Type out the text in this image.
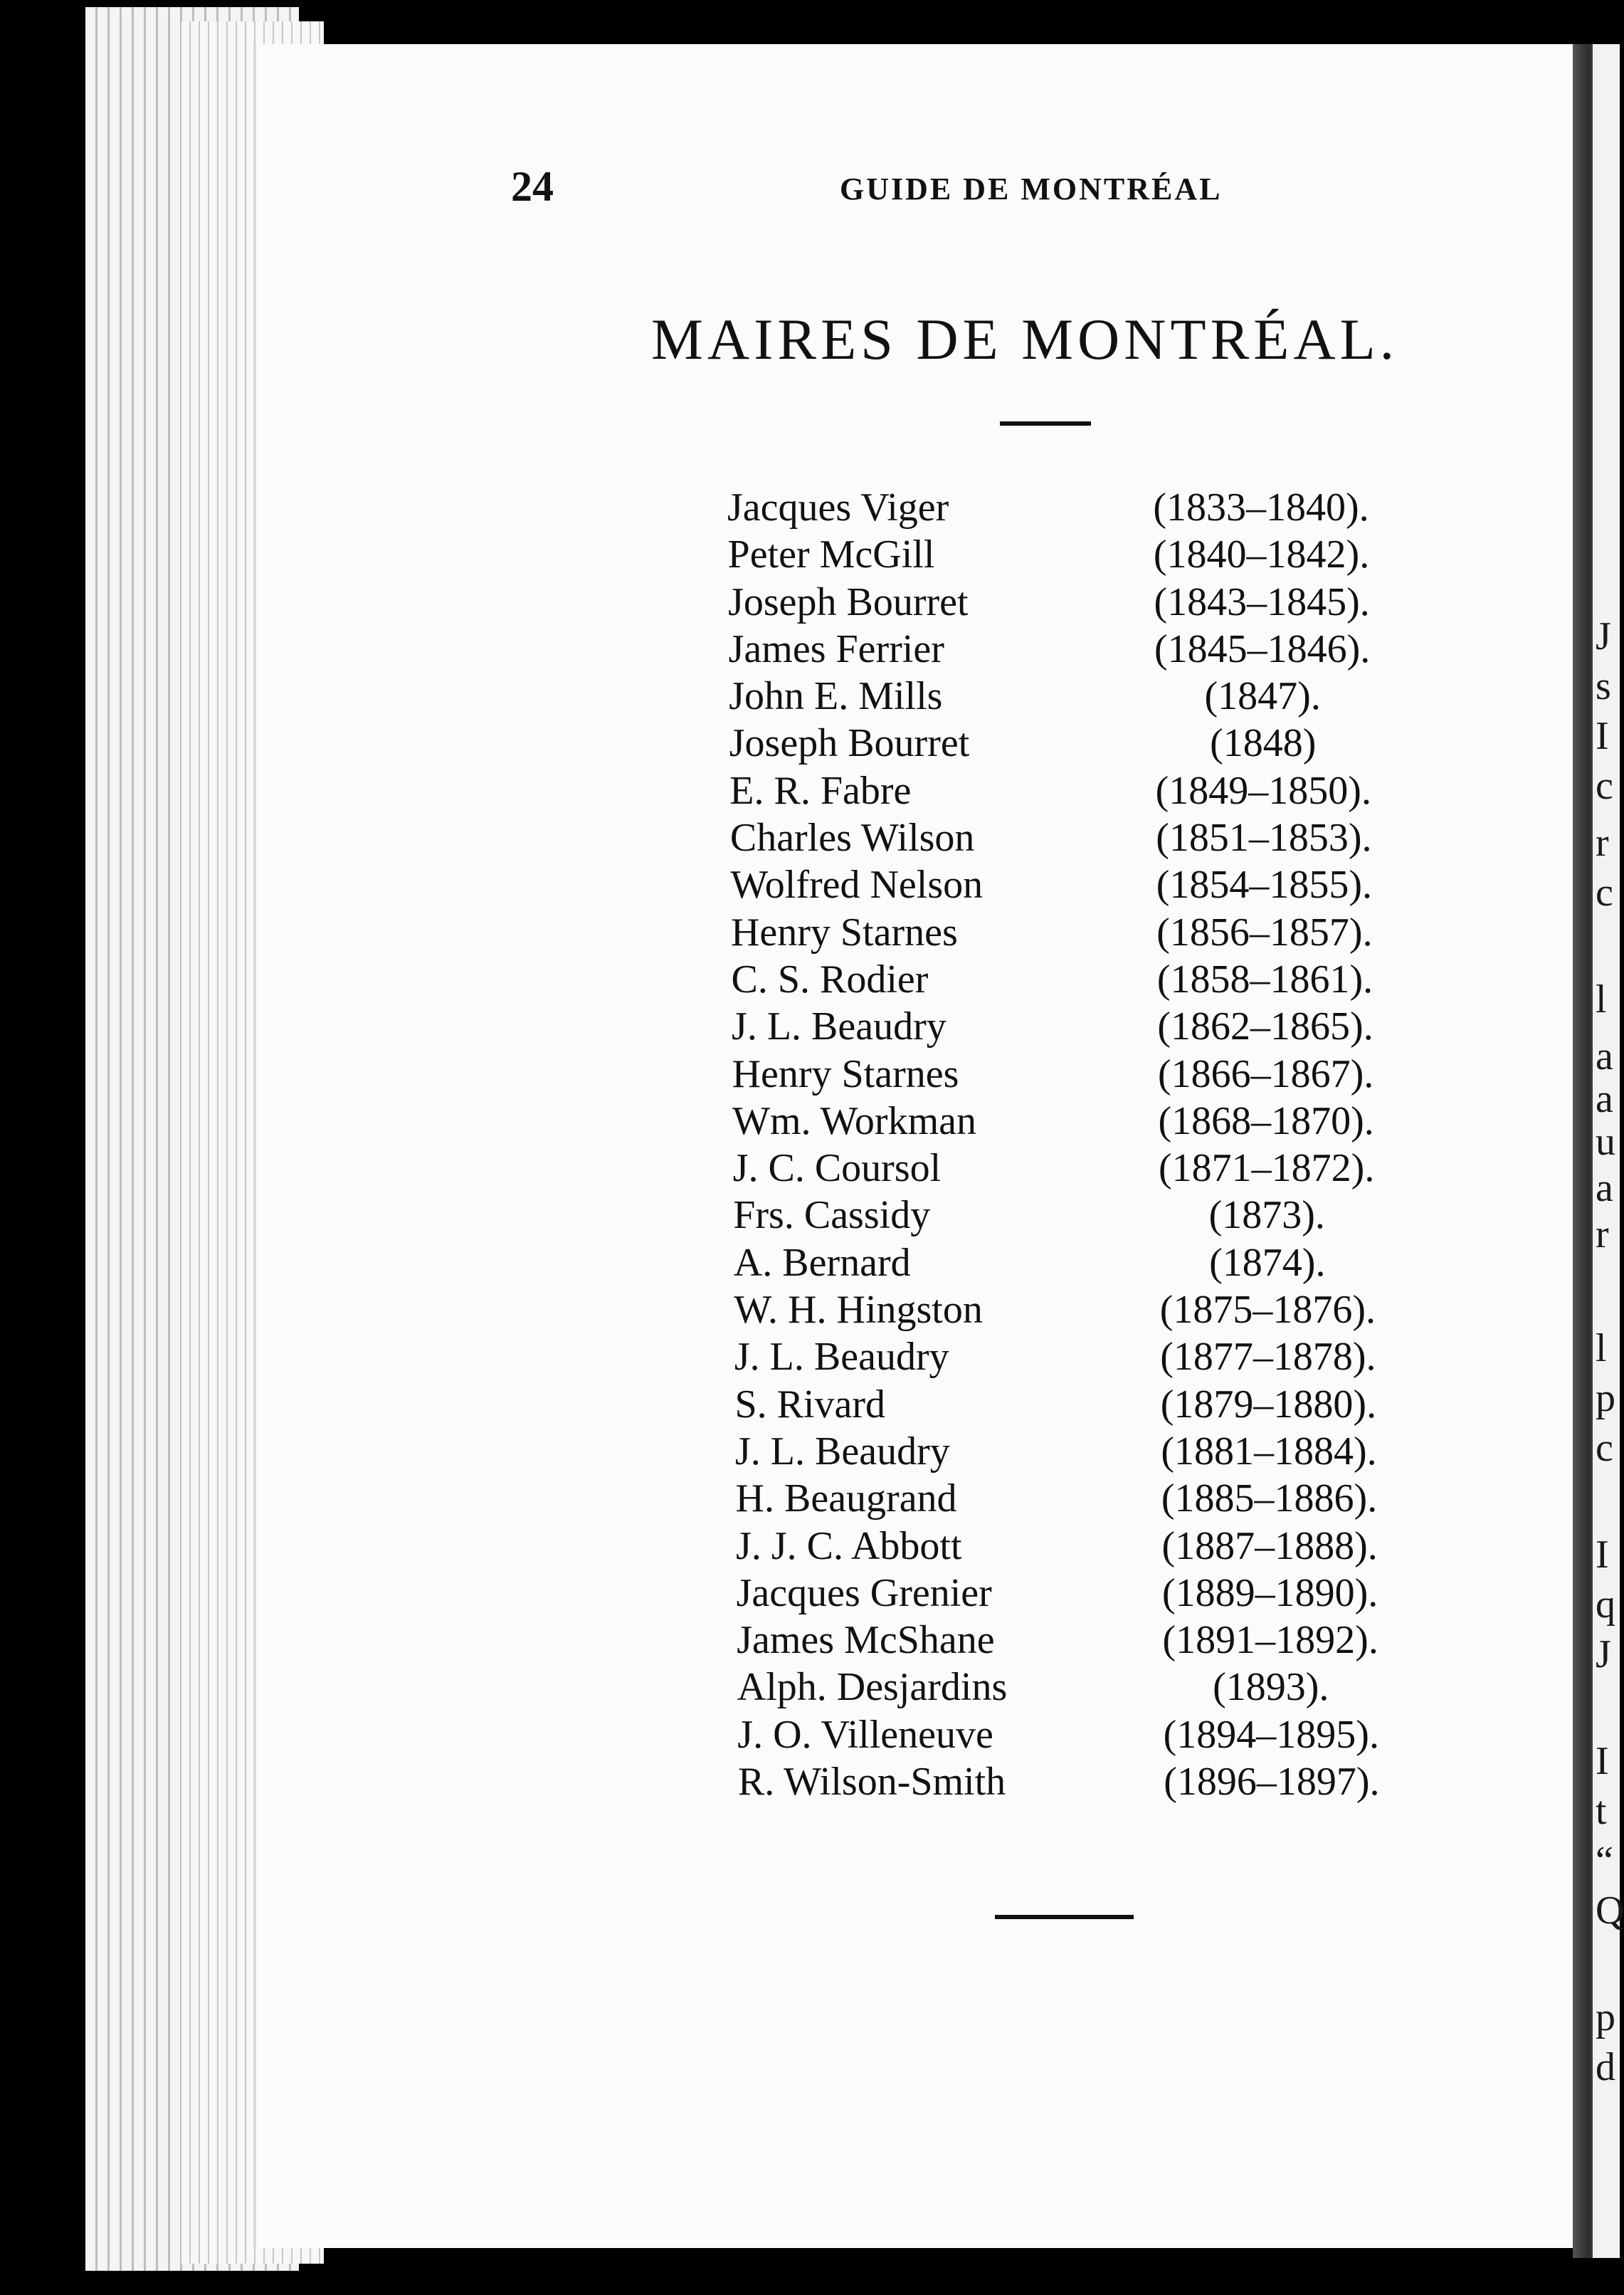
J
s
I
c
r
c
l
a
a
u
a
r
l
p
c
I
q
J
I
t
“
Q
p
d
24	GUIDE DE MONTRÉAL
MAIRES DE MONTRÉAL.
Jacques Viger	(1833–1840).
Peter McGill	(1840–1842).
Joseph Bourret	(1843–1845).
James Ferrier	(1845–1846).
John E. Mills	(1847).
Joseph Bourret	(1848)
E. R. Fabre	(1849–1850).
Charles Wilson	(1851–1853).
Wolfred Nelson	(1854–1855).
Henry Starnes	(1856–1857).
C. S. Rodier	(1858–1861).
J. L. Beaudry	(1862–1865).
Henry Starnes	(1866–1867).
Wm. Workman	(1868–1870).
J. C. Coursol	(1871–1872).
Frs. Cassidy	(1873).
A. Bernard	(1874).
W. H. Hingston	(1875–1876).
J. L. Beaudry	(1877–1878).
S. Rivard	(1879–1880).
J. L. Beaudry	(1881–1884).
H. Beaugrand	(1885–1886).
J. J. C. Abbott	(1887–1888).
Jacques Grenier	(1889–1890).
James McShane	(1891–1892).
Alph. Desjardins	(1893).
J. O. Villeneuve	(1894–1895).
R. Wilson-Smith	(1896–1897).
